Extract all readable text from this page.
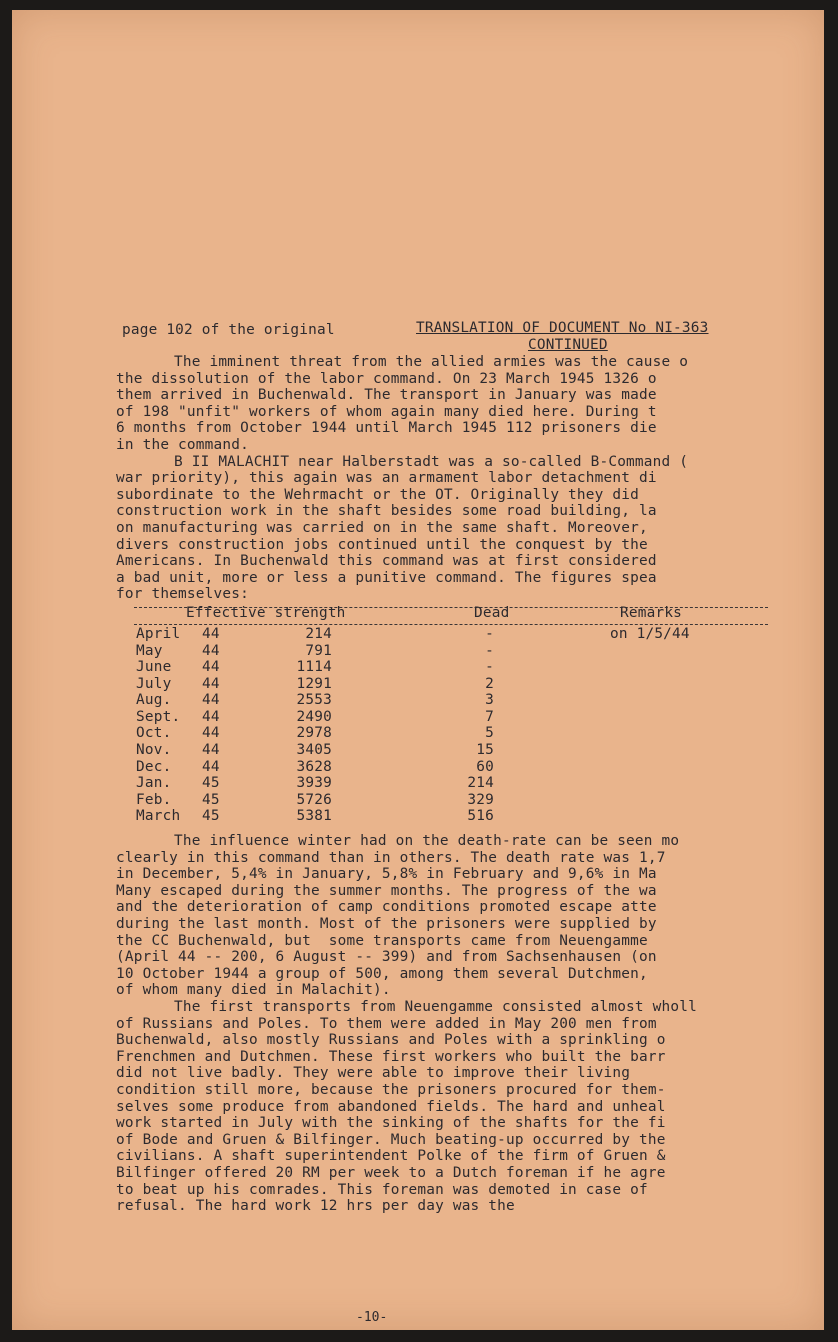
page 102 of the original	TRANSLATION OF DOCUMENT No NI-363
CONTINUED
The imminent threat from the allied armies was the cause o
the dissolution of the labor command. On 23 March 1945 1326 o
them arrived in Buchenwald. The transport in January was made
of 198 "unfit" workers of whom again many died here. During t
6 months from October 1944 until March 1945 112 prisoners die
in the command.
B II MALACHIT near Halberstadt was a so-called B-Command (
war priority), this again was an armament labor detachment di
subordinate to the Wehrmacht or the OT. Originally they did
construction work in the shaft besides some road building, la
on manufacturing was carried on in the same shaft. Moreover,
divers construction jobs continued until the conquest by the
Americans. In Buchenwald this command was at first considered
a bad unit, more or less a punitive command. The figures spea
for themselves:
Effective strength	Dead	Remarks
April 44	214	-	on 1/5/44
May	44	791	-
June 44	1114	-
July 44	1291	2
Aug. 44	2553	3
Sept. 44	2490	7
Oct. 44	2978	5
Nov. 44	3405	15
Dec. 44	3628	60
Jan. 45	3939	214
Feb. 45	5726	329
March 45	5381	516
The influence winter had on the death-rate can be seen mo
clearly in this command than in others. The death rate was 1,7
in December, 5,4% in January, 5,8% in February and 9,6% in Ma
Many escaped during the summer months. The progress of the wa
and the deterioration of camp conditions promoted escape atte
during the last month. Most of the prisoners were supplied by
the CC Buchenwald, but  some transports came from Neuengamme
(April 44 -- 200, 6 August -- 399) and from Sachsenhausen (on
10 October 1944 a group of 500, among them several Dutchmen,
of whom many died in Malachit).
The first transports from Neuengamme consisted almost wholl
of Russians and Poles. To them were added in May 200 men from
Buchenwald, also mostly Russians and Poles with a sprinkling o
Frenchmen and Dutchmen. These first workers who built the barr
did not live badly. They were able to improve their living
condition still more, because the prisoners procured for them-
selves some produce from abandoned fields. The hard and unheal
work started in July with the sinking of the shafts for the fi
of Bode and Gruen & Bilfinger. Much beating-up occurred by the
civilians. A shaft superintendent Polke of the firm of Gruen &
Bilfinger offered 20 RM per week to a Dutch foreman if he agre
to beat up his comrades. This foreman was demoted in case of
refusal. The hard work 12 hrs per day was the
-10-
